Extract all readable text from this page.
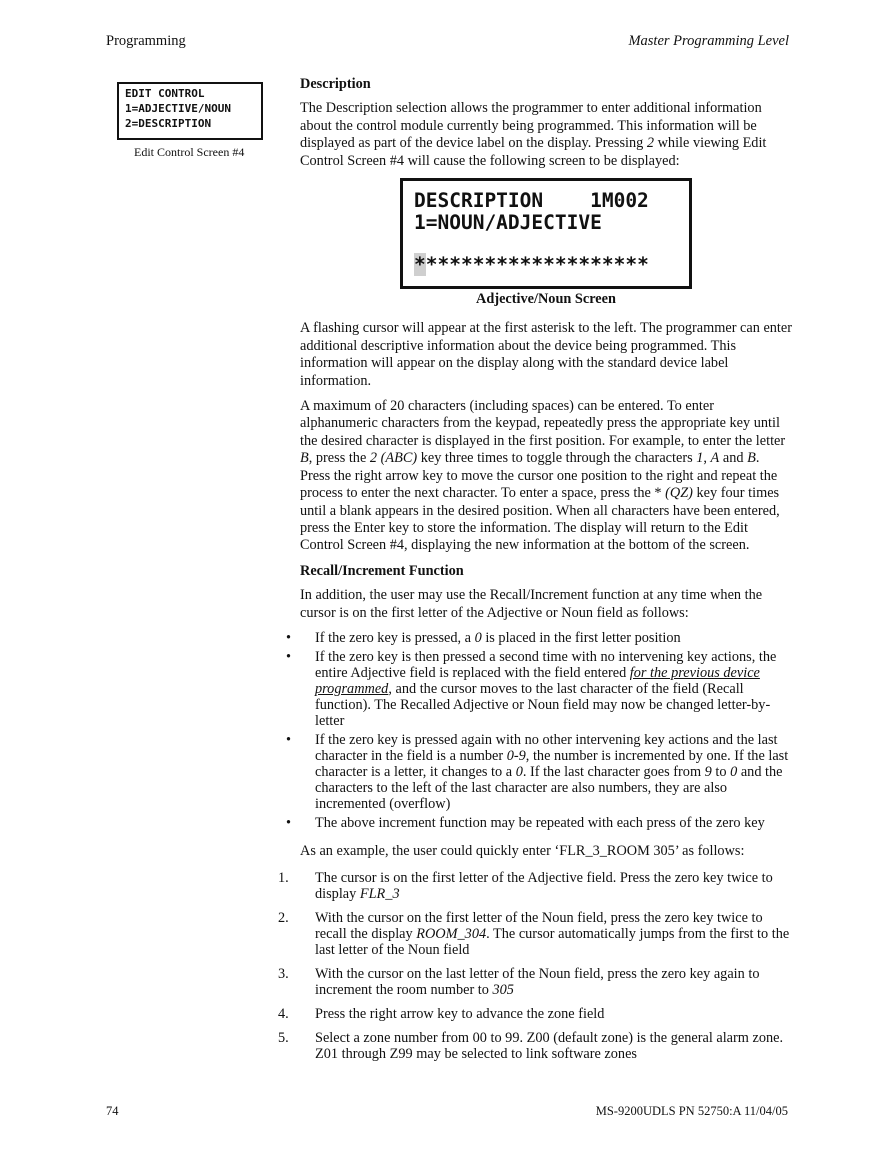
Programming	Master Programming Level
EDIT CONTROL
1=ADJECTIVE/NOUN
2=DESCRIPTION
Edit Control Screen #4
Description
The Description selection allows the programmer to enter additional information about the control module currently being programmed. This information will be displayed as part of the device label on the display. Pressing 2 while viewing Edit Control Screen #4 will cause the following screen to be displayed:
DESCRIPTION    1M002
1=NOUN/ADJECTIVE
********************
Adjective/Noun Screen
A flashing cursor will appear at the first asterisk to the left. The programmer can enter additional descriptive information about the device being programmed. This information will appear on the display along with the standard device label information.
A maximum of 20 characters (including spaces) can be entered. To enter alphanumeric characters from the keypad, repeatedly press the appropriate key until the desired character is displayed in the first position. For example, to enter the letter B, press the 2 (ABC) key three times to toggle through the characters 1, A and B. Press the right arrow key to move the cursor one position to the right and repeat the process to enter the next character. To enter a space, press the * (QZ) key four times until a blank appears in the desired position. When all characters have been entered, press the Enter key to store the information. The display will return to the Edit Control Screen #4, displaying the new information at the bottom of the screen.
Recall/Increment Function
In addition, the user may use the Recall/Increment function at any time when the cursor is on the first letter of the Adjective or Noun field as follows:
• If the zero key is pressed, a 0 is placed in the first letter position
• If the zero key is then pressed a second time with no intervening key actions, the entire Adjective field is replaced with the field entered for the previous device programmed, and the cursor moves to the last character of the field (Recall function). The Recalled Adjective or Noun field may now be changed letter-by-letter
• If the zero key is pressed again with no other intervening key actions and the last character in the field is a number 0-9, the number is incremented by one. If the last character is a letter, it changes to a 0. If the last character goes from 9 to 0 and the characters to the left of the last character are also numbers, they are also incremented (overflow)
• The above increment function may be repeated with each press of the zero key
As an example, the user could quickly enter ‘FLR_3_ROOM 305’ as follows:
1. The cursor is on the first letter of the Adjective field. Press the zero key twice to display FLR_3
2. With the cursor on the first letter of the Noun field, press the zero key twice to recall the display ROOM_304. The cursor automatically jumps from the first to the last letter of the Noun field
3. With the cursor on the last letter of the Noun field, press the zero key again to increment the room number to 305
4. Press the right arrow key to advance the zone field
5. Select a zone number from 00 to 99. Z00 (default zone) is the general alarm zone. Z01 through Z99 may be selected to link software zones
74	MS-9200UDLS PN 52750:A 11/04/05
